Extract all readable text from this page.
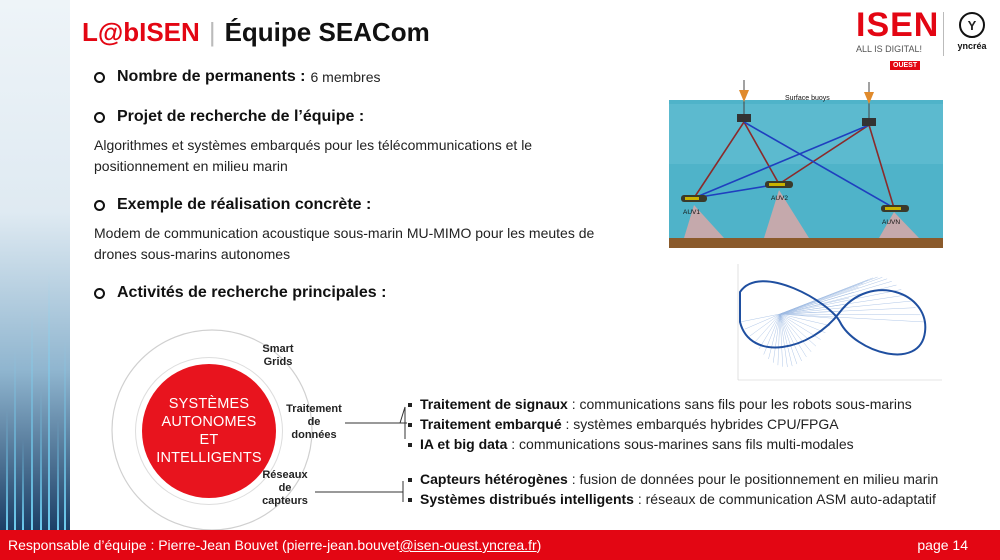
L@bISEN | Équipe SEACom	ISEN
ALL IS DIGITAL!
OUEST
Y
yncréa
Nombre de permanents : 6 membres
Projet de recherche de l’équipe :
Algorithmes et systèmes embarqués pour les télécommunications et le
positionnement en milieu marin
Exemple de réalisation concrète :
Modem de communication acoustique sous-marin MU-MIMO pour les meutes de
drones sous-marins autonomes
Activités de recherche principales :
Surface buoys
AUV1
AUV2
AUVN
SYSTÈMES
AUTONOMES
ET
INTELLIGENTS
Smart
Grids
Traitement
de
données
Réseaux
de
capteurs
Traitement de signaux : communications sans fils pour les robots sous-marins
Traitement embarqué : systèmes embarqués hybrides CPU/FPGA
IA et big data : communications sous-marines sans fils multi-modales
Capteurs hétérogènes : fusion de données pour le positionnement en milieu marin
Systèmes distribués intelligents : réseaux de communication ASM auto-adaptatif
Responsable d’équipe : Pierre-Jean Bouvet (pierre-jean.bouvet@isen-ouest.yncrea.fr)	page 14
